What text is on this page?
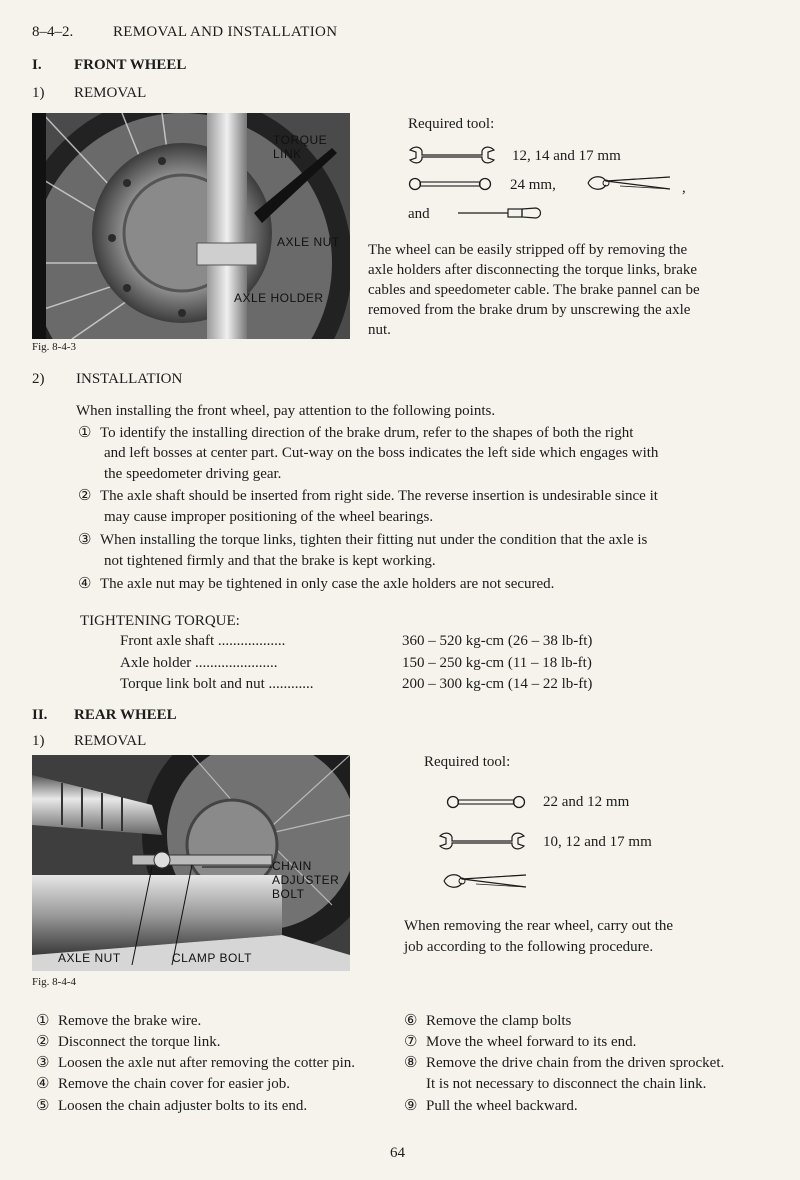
8–4–2.	REMOVAL AND INSTALLATION
I. FRONT WHEEL
1) REMOVAL
TORQUE
LINK
AXLE NUT
AXLE HOLDER
Fig. 8-4-3
Required tool:
12, 14 and 17 mm
24 mm,	,
and
The wheel can be easily stripped off by removing the
axle holders after disconnecting the torque links, brake
cables and speedometer cable. The brake pannel can be
removed from the brake drum by unscrewing the axle
nut.
2) INSTALLATION
When installing the front wheel, pay attention to the following points.
① To identify the installing direction of the brake drum, refer to the shapes of both the right
and left bosses at center part. Cut-way on the boss indicates the left side which engages with
the speedometer driving gear.
② The axle shaft should be inserted from right side. The reverse insertion is undesirable since it
may cause improper positioning of the wheel bearings.
③ When installing the torque links, tighten their fitting nut under the condition that the axle is
not tightened firmly and that the brake is kept working.
④ The axle nut may be tightened in only case the axle holders are not secured.
TIGHTENING TORQUE:
Front axle shaft ..................	360 – 520 kg-cm (26 – 38 lb-ft)
Axle holder ......................	150 – 250 kg-cm (11 – 18 lb-ft)
Torque link bolt and nut ............	200 – 300 kg-cm (14 – 22 lb-ft)
II. REAR WHEEL
1) REMOVAL
CHAIN
ADJUSTER
BOLT
AXLE NUT	CLAMP BOLT
Fig. 8-4-4
Required tool:
22 and 12 mm
10, 12 and 17 mm
When removing the rear wheel, carry out the
job according to the following procedure.
① Remove the brake wire.
② Disconnect the torque link.
③ Loosen the axle nut after removing the cotter pin.
④ Remove the chain cover for easier job.
⑤ Loosen the chain adjuster bolts to its end.
⑥ Remove the clamp bolts
⑦ Move the wheel forward to its end.
⑧ Remove the drive chain from the driven sprocket.
It is not necessary to disconnect the chain link.
⑨ Pull the wheel backward.
64
